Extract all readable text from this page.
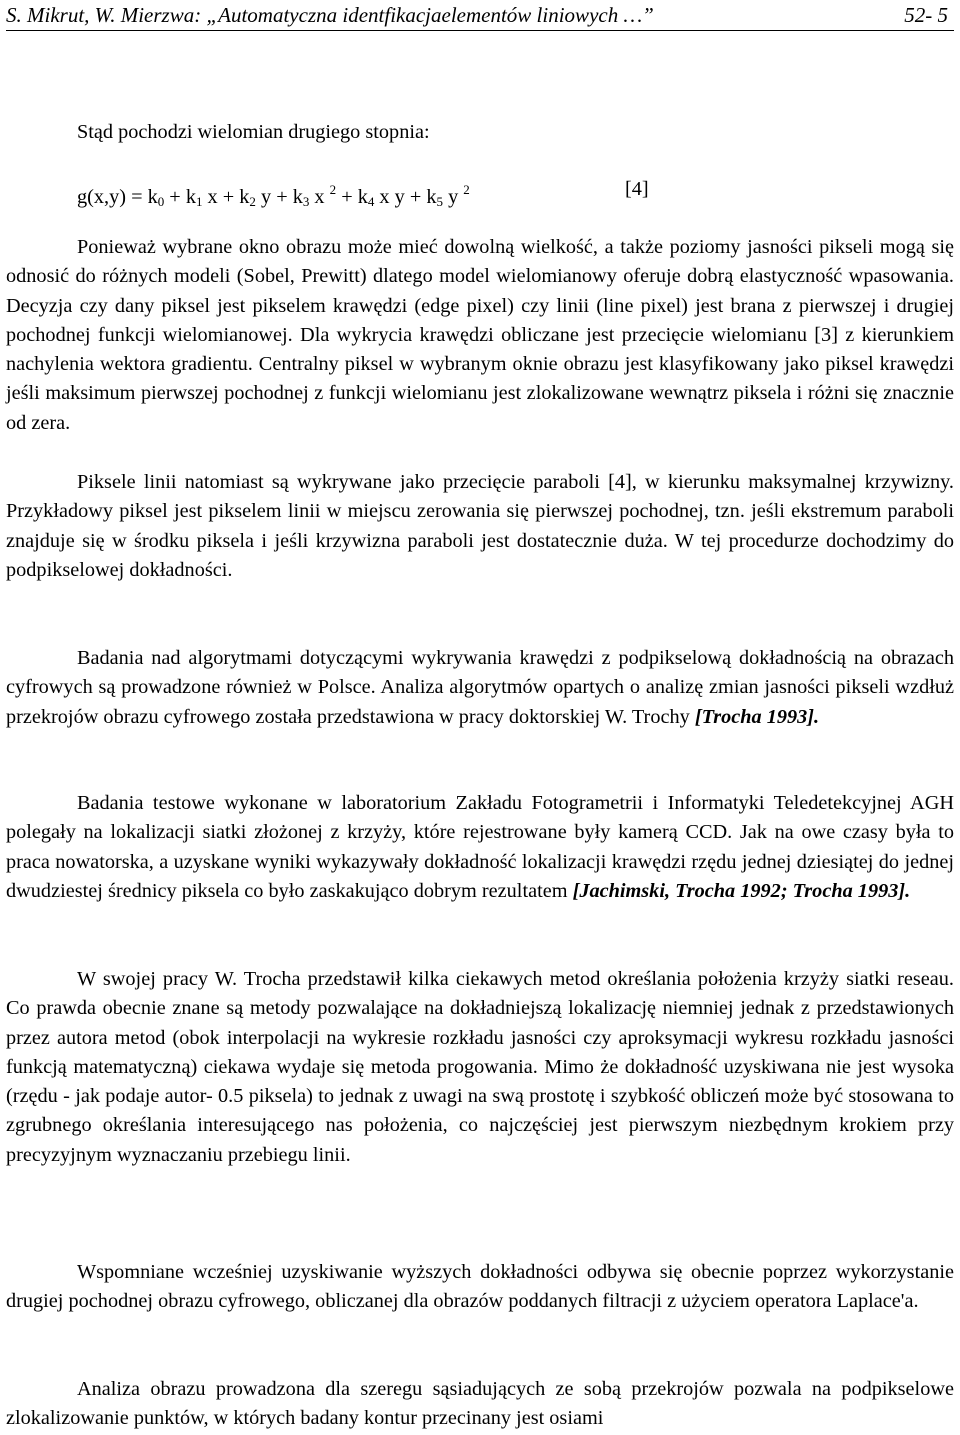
S. Mikrut, W. Mierzwa: „Automatyczna identfikacjaelementów liniowych …”	52- 5
Stąd pochodzi wielomian drugiego stopnia:
$g(x,y) = k_0 + k_1$ $x + k_2$ $y + k_3$ x $^2 + k_4$ x $y + k_5$ y $^2$	[4]

Ponieważ wybrane okno obrazu może mieć dowolną wielkość, a także poziomy jasności pikseli mogą się odnosić do różnych modeli (Sobel, Prewitt) dlatego model wielomianowy oferuje dobrą elastyczność wpasowania. Decyzja czy dany piksel jest pikselem krawędzi (edge pixel) czy linii (line pixel) jest brana z pierwszej i drugiej pochodnej funkcji wielomianowej. Dla wykrycia krawędzi obliczane jest przecięcie wielomianu [3] z kierunkiem nachylenia wektora gradientu. Centralny piksel w wybranym oknie obrazu jest klasyfikowany jako piksel krawędzi jeśli maksimum pierwszej pochodnej z funkcji wielomianu jest zlokalizowane wewnątrz piksela i różni się znacznie od zera.

Piksele linii natomiast są wykrywane jako przecięcie paraboli [4], w kierunku maksymalnej krzywizny. Przykładowy piksel jest pikselem linii w miejscu zerowania się pierwszej pochodnej, tzn. jeśli ekstremum paraboli znajduje się w środku piksela i jeśli krzywizna paraboli jest dostatecznie duża. W tej procedurze dochodzimy do podpikselowej dokładności.

Badania nad algorytmami dotyczącymi wykrywania krawędzi z podpikselową dokładnością na obrazach cyfrowych są prowadzone również w Polsce. Analiza algorytmów opartych o analizę zmian jasności pikseli wzdłuż przekrojów obrazu cyfrowego została przedstawiona w pracy doktorskiej W. Trochy [Trocha 1993].

Badania testowe wykonane w laboratorium Zakładu Fotogrametrii i Informatyki Teledetekcyjnej AGH polegały na lokalizacji siatki złożonej z krzyży, które rejestrowane były kamerą CCD. Jak na owe czasy była to praca nowatorska, a uzyskane wyniki wykazywały dokładność lokalizacji krawędzi rzędu jednej dziesiątej do jednej dwudziestej średnicy piksela co było zaskakująco dobrym rezultatem [Jachimski, Trocha 1992; Trocha 1993].

W swojej pracy W. Trocha przedstawił kilka ciekawych metod określania położenia krzyży siatki reseau. Co prawda obecnie znane są metody pozwalające na dokładniejszą lokalizację niemniej jednak z przedstawionych przez autora metod (obok interpolacji na wykresie rozkładu jasności czy aproksymacji wykresu rozkładu jasności funkcją matematyczną) ciekawa wydaje się metoda progowania. Mimo że dokładność uzyskiwana nie jest wysoka (rzędu - jak podaje autor- 0.5 piksela) to jednak z uwagi na swą prostotę i szybkość obliczeń może być stosowana to zgrubnego określania interesującego nas położenia, co najczęściej jest pierwszym niezbędnym krokiem przy precyzyjnym wyznaczaniu przebiegu linii.

Wspomniane wcześniej uzyskiwanie wyższych dokładności odbywa się obecnie poprzez wykorzystanie drugiej pochodnej obrazu cyfrowego, obliczanej dla obrazów poddanych filtracji z użyciem operatora Laplace'a.

Analiza obrazu prowadzona dla szeregu sąsiadujących ze sobą przekrojów pozwala na podpikselowe zlokalizowanie punktów, w których badany kontur przecinany jest osiami
